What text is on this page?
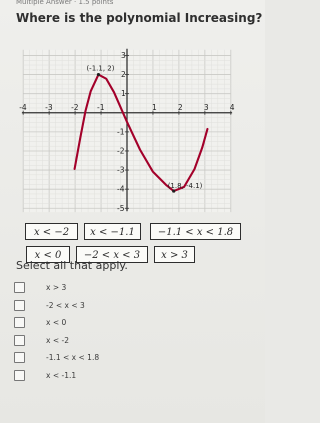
Multiple Answer · 1.5 points
Where is the polynomial Increasing?
-4 -3 -2 -1	1	2	3	4
-5
-4
-3
-2
-1
1
2
3
(-1.1, 2)
(1.8, -4.1)
x < −2	x < −1.1	−1.1 < x < 1.8
x < 0	−2 < x < 3	x > 3
Select all that apply.
x > 3
-2 < x < 3
x < 0
x < -2
-1.1 < x < 1.8
x < -1.1
